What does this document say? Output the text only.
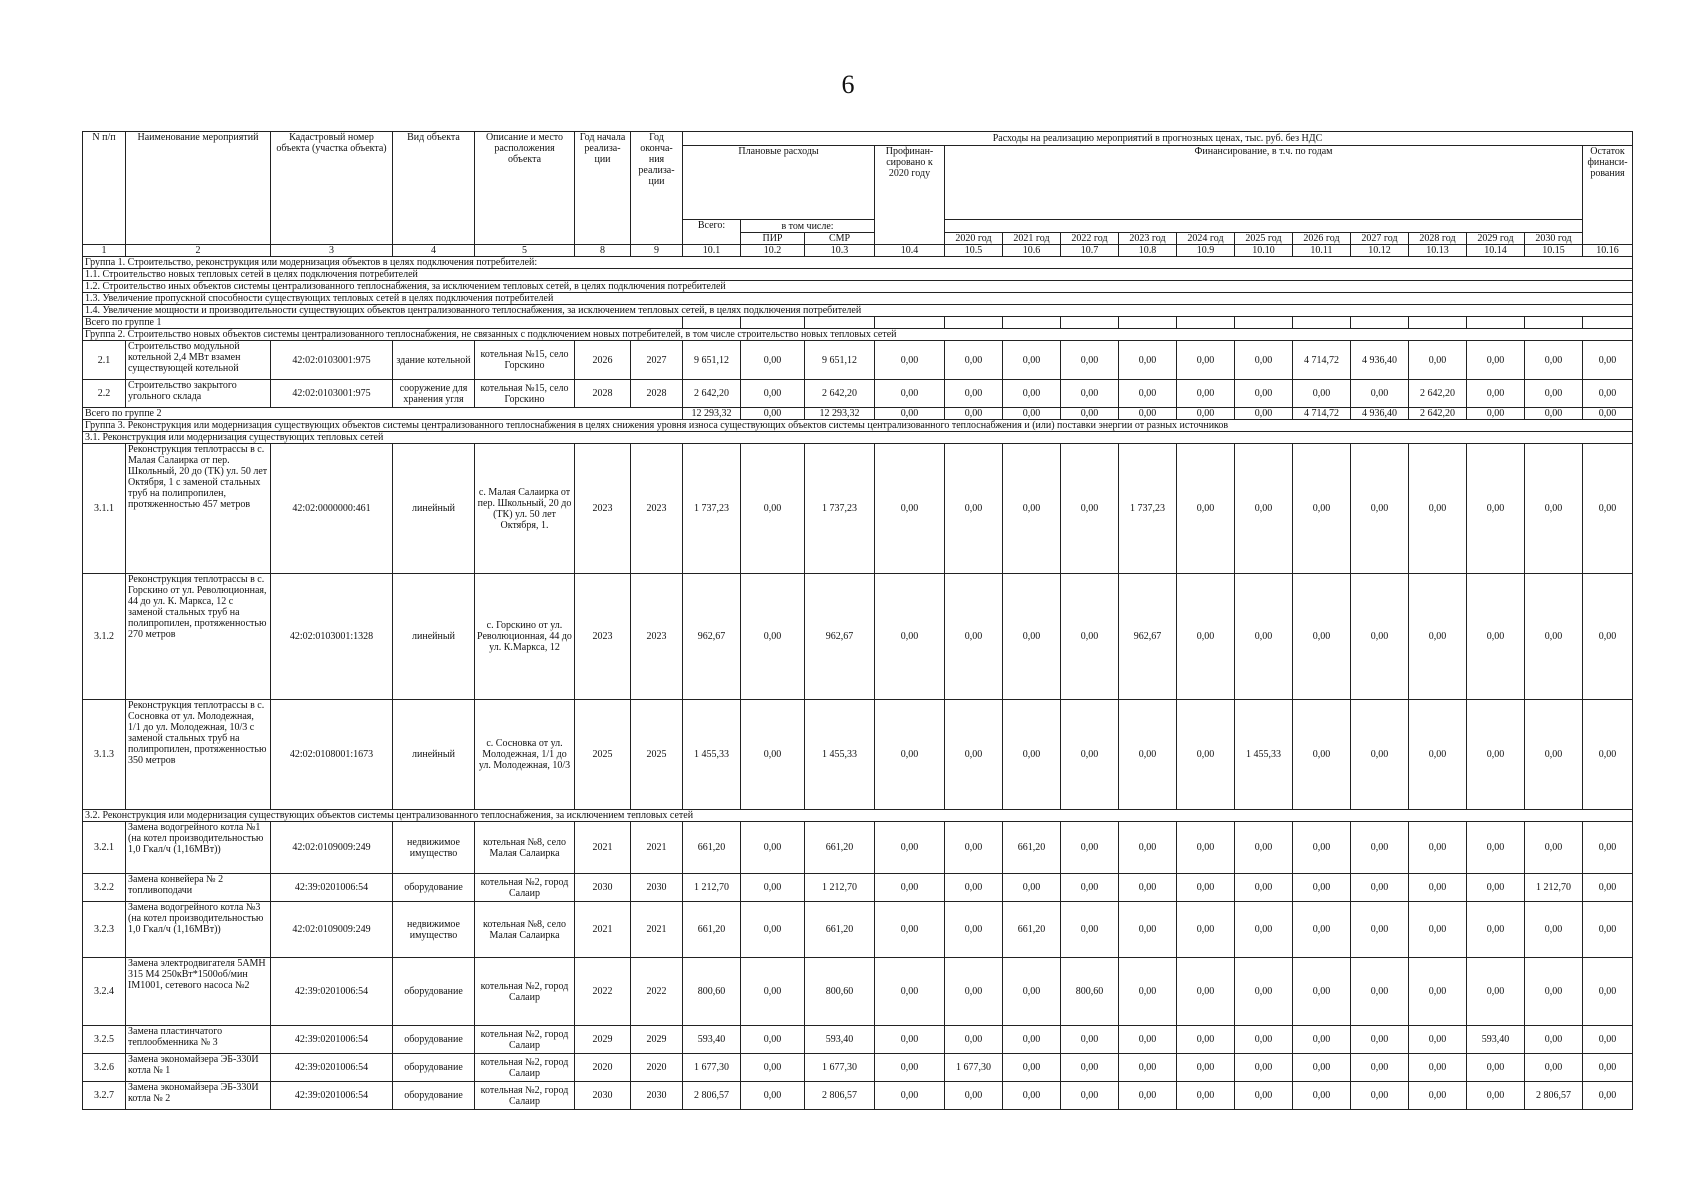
6
N п/п	Наименование мероприятий	Кадастровый номер объекта (участка объекта)	Вид объекта	Описание и место расположения объекта	Год начала реализа-ции	Год оконча-ния реализа-ции	Расходы на реализацию мероприятий в прогнозных ценах, тыс. руб. без НДС															
							Плановые расходы			Профинан-сировано к 2020 году	Финансирование, в т.ч. по годам											Остаток финанси-рования
							Всего:	в том числе:														
								ПИР	СМР		2020 год	2021 год	2022 год	2023 год	2024 год	2025 год	2026 год	2027 год	2028 год	2029 год	2030 год	
1	2	3	4	5	8	9	10.1	10.2	10.3	10.4	10.5	10.6	10.7	10.8	10.9	10.10	10.11	10.12	10.13	10.14	10.15	10.16
Группа 1. Строительство, реконструкция или модернизация объектов в целях подключения потребителей:																						
1.1. Строительство новых тепловых сетей в целях подключения потребителей																						
1.2. Строительство иных объектов системы централизованного теплоснабжения, за исключением тепловых сетей, в целях подключения потребителей																						
1.3. Увеличение пропускной способности существующих тепловых сетей в целях подключения потребителей																						
1.4. Увеличение мощности и производительности существующих объектов централизованного теплоснабжения, за исключением тепловых сетей, в целях подключения потребителей																						
Всего по группе 1																						
Группа 2. Строительство новых объектов системы централизованного теплоснабжения, не связанных с подключением новых потребителей, в том числе строительство новых тепловых сетей																						
2.1	Строительство модульной котельной 2,4 МВт взамен существующей котельной	42:02:0103001:975	здание котельной	котельная №15, село Горскино	2026	2027	9 651,12	0,00	9 651,12	0,00	0,00	0,00	0,00	0,00	0,00	0,00	4 714,72	4 936,40	0,00	0,00	0,00	0,00
2.2	Строительство закрытого угольного склада	42:02:0103001:975	сооружение для хранения угля	котельная №15, село Горскино	2028	2028	2 642,20	0,00	2 642,20	0,00	0,00	0,00	0,00	0,00	0,00	0,00	0,00	0,00	2 642,20	0,00	0,00	0,00
Всего по группе 2							12 293,32	0,00	12 293,32	0,00	0,00	0,00	0,00	0,00	0,00	0,00	4 714,72	4 936,40	2 642,20	0,00	0,00	0,00
Группа 3. Реконструкция или модернизация существующих объектов системы централизованного теплоснабжения в целях снижения уровня износа существующих объектов системы централизованного теплоснабжения и (или) поставки энергии от разных источников																						
3.1. Реконструкция или модернизация существующих тепловых сетей																						
3.1.1	Реконструкция теплотрассы в с. Малая Салаирка от пер. Школьный, 20 до (ТК) ул. 50 лет Октября, 1 с заменой стальных труб на полипропилен, протяженностью 457 метров	42:02:0000000:461	линейный	с. Малая Салаирка от пер. Школьный, 20 до (ТК) ул. 50 лет Октября, 1.	2023	2023	1 737,23	0,00	1 737,23	0,00	0,00	0,00	0,00	1 737,23	0,00	0,00	0,00	0,00	0,00	0,00	0,00	0,00
3.1.2	Реконструкция теплотрассы в с. Горскино от ул. Революционная, 44 до ул. К. Маркса, 12 с заменой стальных труб на полипропилен, протяженностью 270 метров	42:02:0103001:1328	линейный	с. Горскино от ул. Революционная, 44 до ул. К.Маркса, 12	2023	2023	962,67	0,00	962,67	0,00	0,00	0,00	0,00	962,67	0,00	0,00	0,00	0,00	0,00	0,00	0,00	0,00
3.1.3	Реконструкция теплотрассы в с. Сосновка от ул. Молодежная, 1/1 до ул. Молодежная, 10/3 с заменой стальных труб на полипропилен, протяженностью 350 метров	42:02:0108001:1673	линейный	с. Сосновка от ул. Молодежная, 1/1 до ул. Молодежная, 10/3	2025	2025	1 455,33	0,00	1 455,33	0,00	0,00	0,00	0,00	0,00	0,00	1 455,33	0,00	0,00	0,00	0,00	0,00	0,00
3.2. Реконструкция или модернизация существующих объектов системы централизованного теплоснабжения, за исключением тепловых сетей																						
3.2.1	Замена водогрейного котла №1 (на котел производительностью 1,0 Гкал/ч (1,16МВт))	42:02:0109009:249	недвижимое имущество	котельная №8, село Малая Салаирка	2021	2021	661,20	0,00	661,20	0,00	0,00	661,20	0,00	0,00	0,00	0,00	0,00	0,00	0,00	0,00	0,00	0,00
3.2.2	Замена конвейера № 2 топливоподачи	42:39:0201006:54	оборудование	котельная №2, город Салаир	2030	2030	1 212,70	0,00	1 212,70	0,00	0,00	0,00	0,00	0,00	0,00	0,00	0,00	0,00	0,00	0,00	1 212,70	0,00
3.2.3	Замена водогрейного котла №3 (на котел производительностью 1,0 Гкал/ч (1,16МВт))	42:02:0109009:249	недвижимое имущество	котельная №8, село Малая Салаирка	2021	2021	661,20	0,00	661,20	0,00	0,00	661,20	0,00	0,00	0,00	0,00	0,00	0,00	0,00	0,00	0,00	0,00
3.2.4	Замена электродвигателя 5АМН 315 М4 250кВт*1500об/мин IM1001, сетевого насоса №2	42:39:0201006:54	оборудование	котельная №2, город Салаир	2022	2022	800,60	0,00	800,60	0,00	0,00	0,00	800,60	0,00	0,00	0,00	0,00	0,00	0,00	0,00	0,00	0,00
3.2.5	Замена пластинчатого теплообменника № 3	42:39:0201006:54	оборудование	котельная №2, город Салаир	2029	2029	593,40	0,00	593,40	0,00	0,00	0,00	0,00	0,00	0,00	0,00	0,00	0,00	0,00	593,40	0,00	0,00
3.2.6	Замена экономайзера ЭБ-330И котла № 1	42:39:0201006:54	оборудование	котельная №2, город Салаир	2020	2020	1 677,30	0,00	1 677,30	0,00	1 677,30	0,00	0,00	0,00	0,00	0,00	0,00	0,00	0,00	0,00	0,00	0,00
3.2.7	Замена экономайзера ЭБ-330И котла № 2	42:39:0201006:54	оборудование	котельная №2, город Салаир	2030	2030	2 806,57	0,00	2 806,57	0,00	0,00	0,00	0,00	0,00	0,00	0,00	0,00	0,00	0,00	0,00	2 806,57	0,00
